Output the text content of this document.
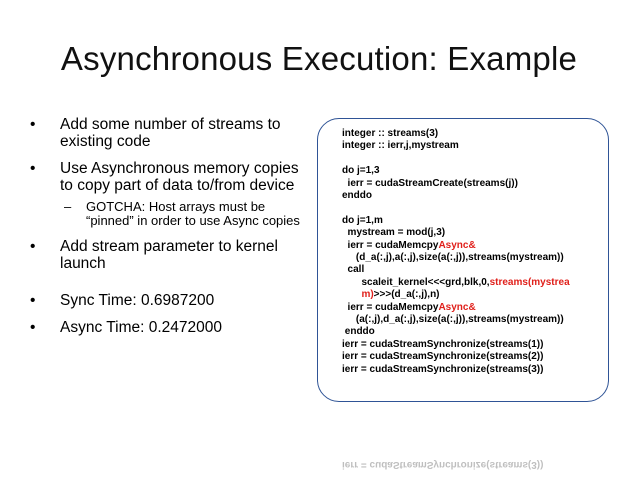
Asynchronous Execution: Example
• Add some number of streams to existing code
• Use Asynchronous memory copies to copy part of data to/from device
– GOTCHA: Host arrays must be “pinned” in order to use Async copies
• Add stream parameter to kernel launch
• Sync Time: 0.6987200
• Async Time: 0.2472000
integer :: streams(3)
integer :: ierr,j,mystream
do j=1,3
ierr = cudaStreamCreate(streams(j))
enddo
do j=1,m
mystream = mod(j,3)
ierr = cudaMemcpyAsync&
(d_a(:,j),a(:,j),size(a(:,j)),streams(mystream))
call
scaleit_kernel<<<grd,blk,0,streams(mystrea
m)>>>(d_a(:,j),n)
ierr = cudaMemcpyAsync&
(a(:,j),d_a(:,j),size(a(:,j)),streams(mystream))
enddo
ierr = cudaStreamSynchronize(streams(1))
ierr = cudaStreamSynchronize(streams(2))
ierr = cudaStreamSynchronize(streams(3))
ierr = cudaStreamSynchronize(streams(3))
